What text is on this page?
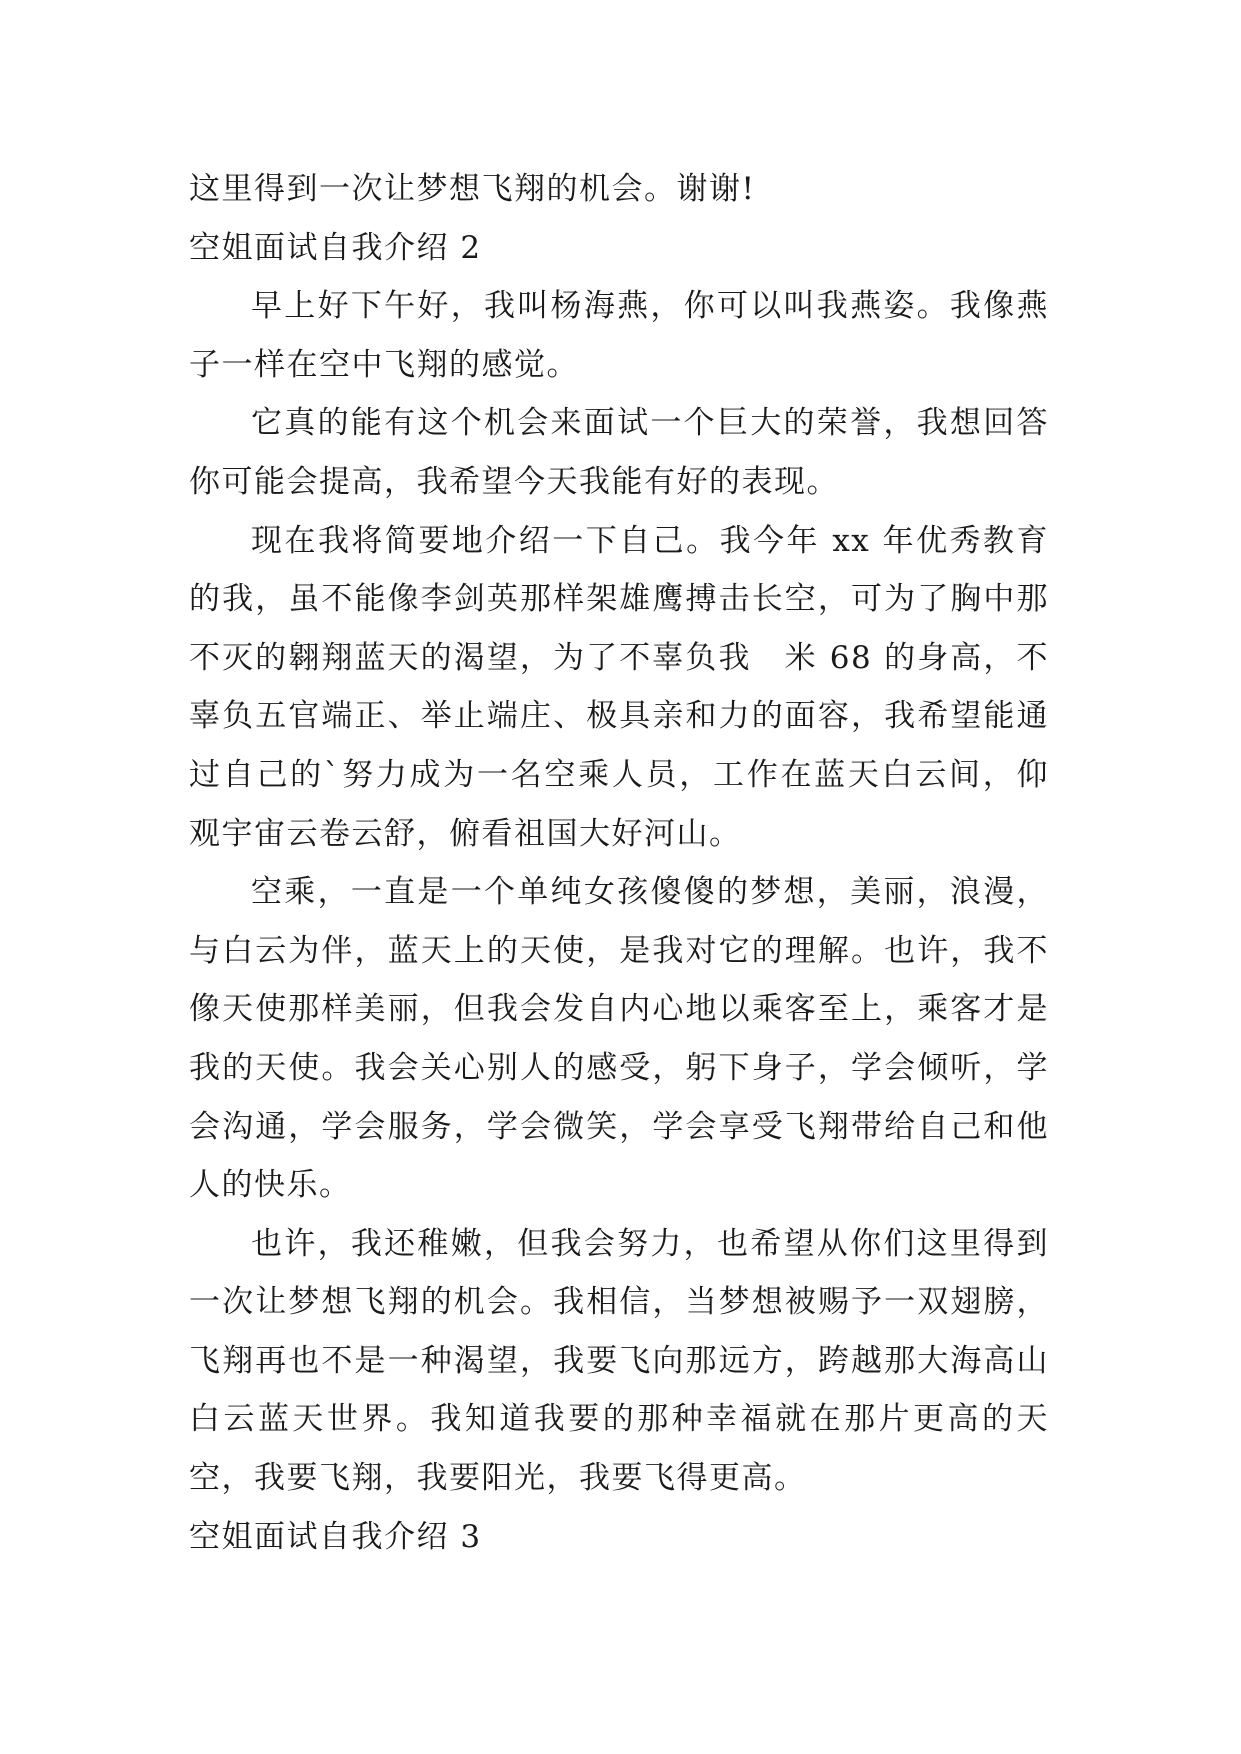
这里得到一次让梦想飞翔的机会。谢谢!

空姐面试自我介绍 2

早上好下午好，我叫杨海燕，你可以叫我燕姿。我像燕子一样在空中飞翔的感觉。

它真的能有这个机会来面试一个巨大的荣誉，我想回答你可能会提高，我希望今天我能有好的表现。

现在我将简要地介绍一下自己。我今年 xx 年优秀教育的我，虽不能像李剑英那样架雄鹰搏击长空，可为了胸中那不灭的翱翔蓝天的渴望，为了不辜负我　米 68 的身高，不辜负五官端正、举止端庄、极具亲和力的面容，我希望能通过自己的`努力成为一名空乘人员，工作在蓝天白云间，仰观宇宙云卷云舒，俯看祖国大好河山。

空乘，一直是一个单纯女孩傻傻的梦想，美丽，浪漫，与白云为伴，蓝天上的天使，是我对它的理解。也许，我不像天使那样美丽，但我会发自内心地以乘客至上，乘客才是我的天使。我会关心别人的感受，躬下身子，学会倾听，学会沟通，学会服务，学会微笑，学会享受飞翔带给自己和他人的快乐。

也许，我还稚嫩，但我会努力，也希望从你们这里得到一次让梦想飞翔的机会。我相信，当梦想被赐予一双翅膀，飞翔再也不是一种渴望，我要飞向那远方，跨越那大海高山白云蓝天世界。我知道我要的那种幸福就在那片更高的天空，我要飞翔，我要阳光，我要飞得更高。

空姐面试自我介绍 3
